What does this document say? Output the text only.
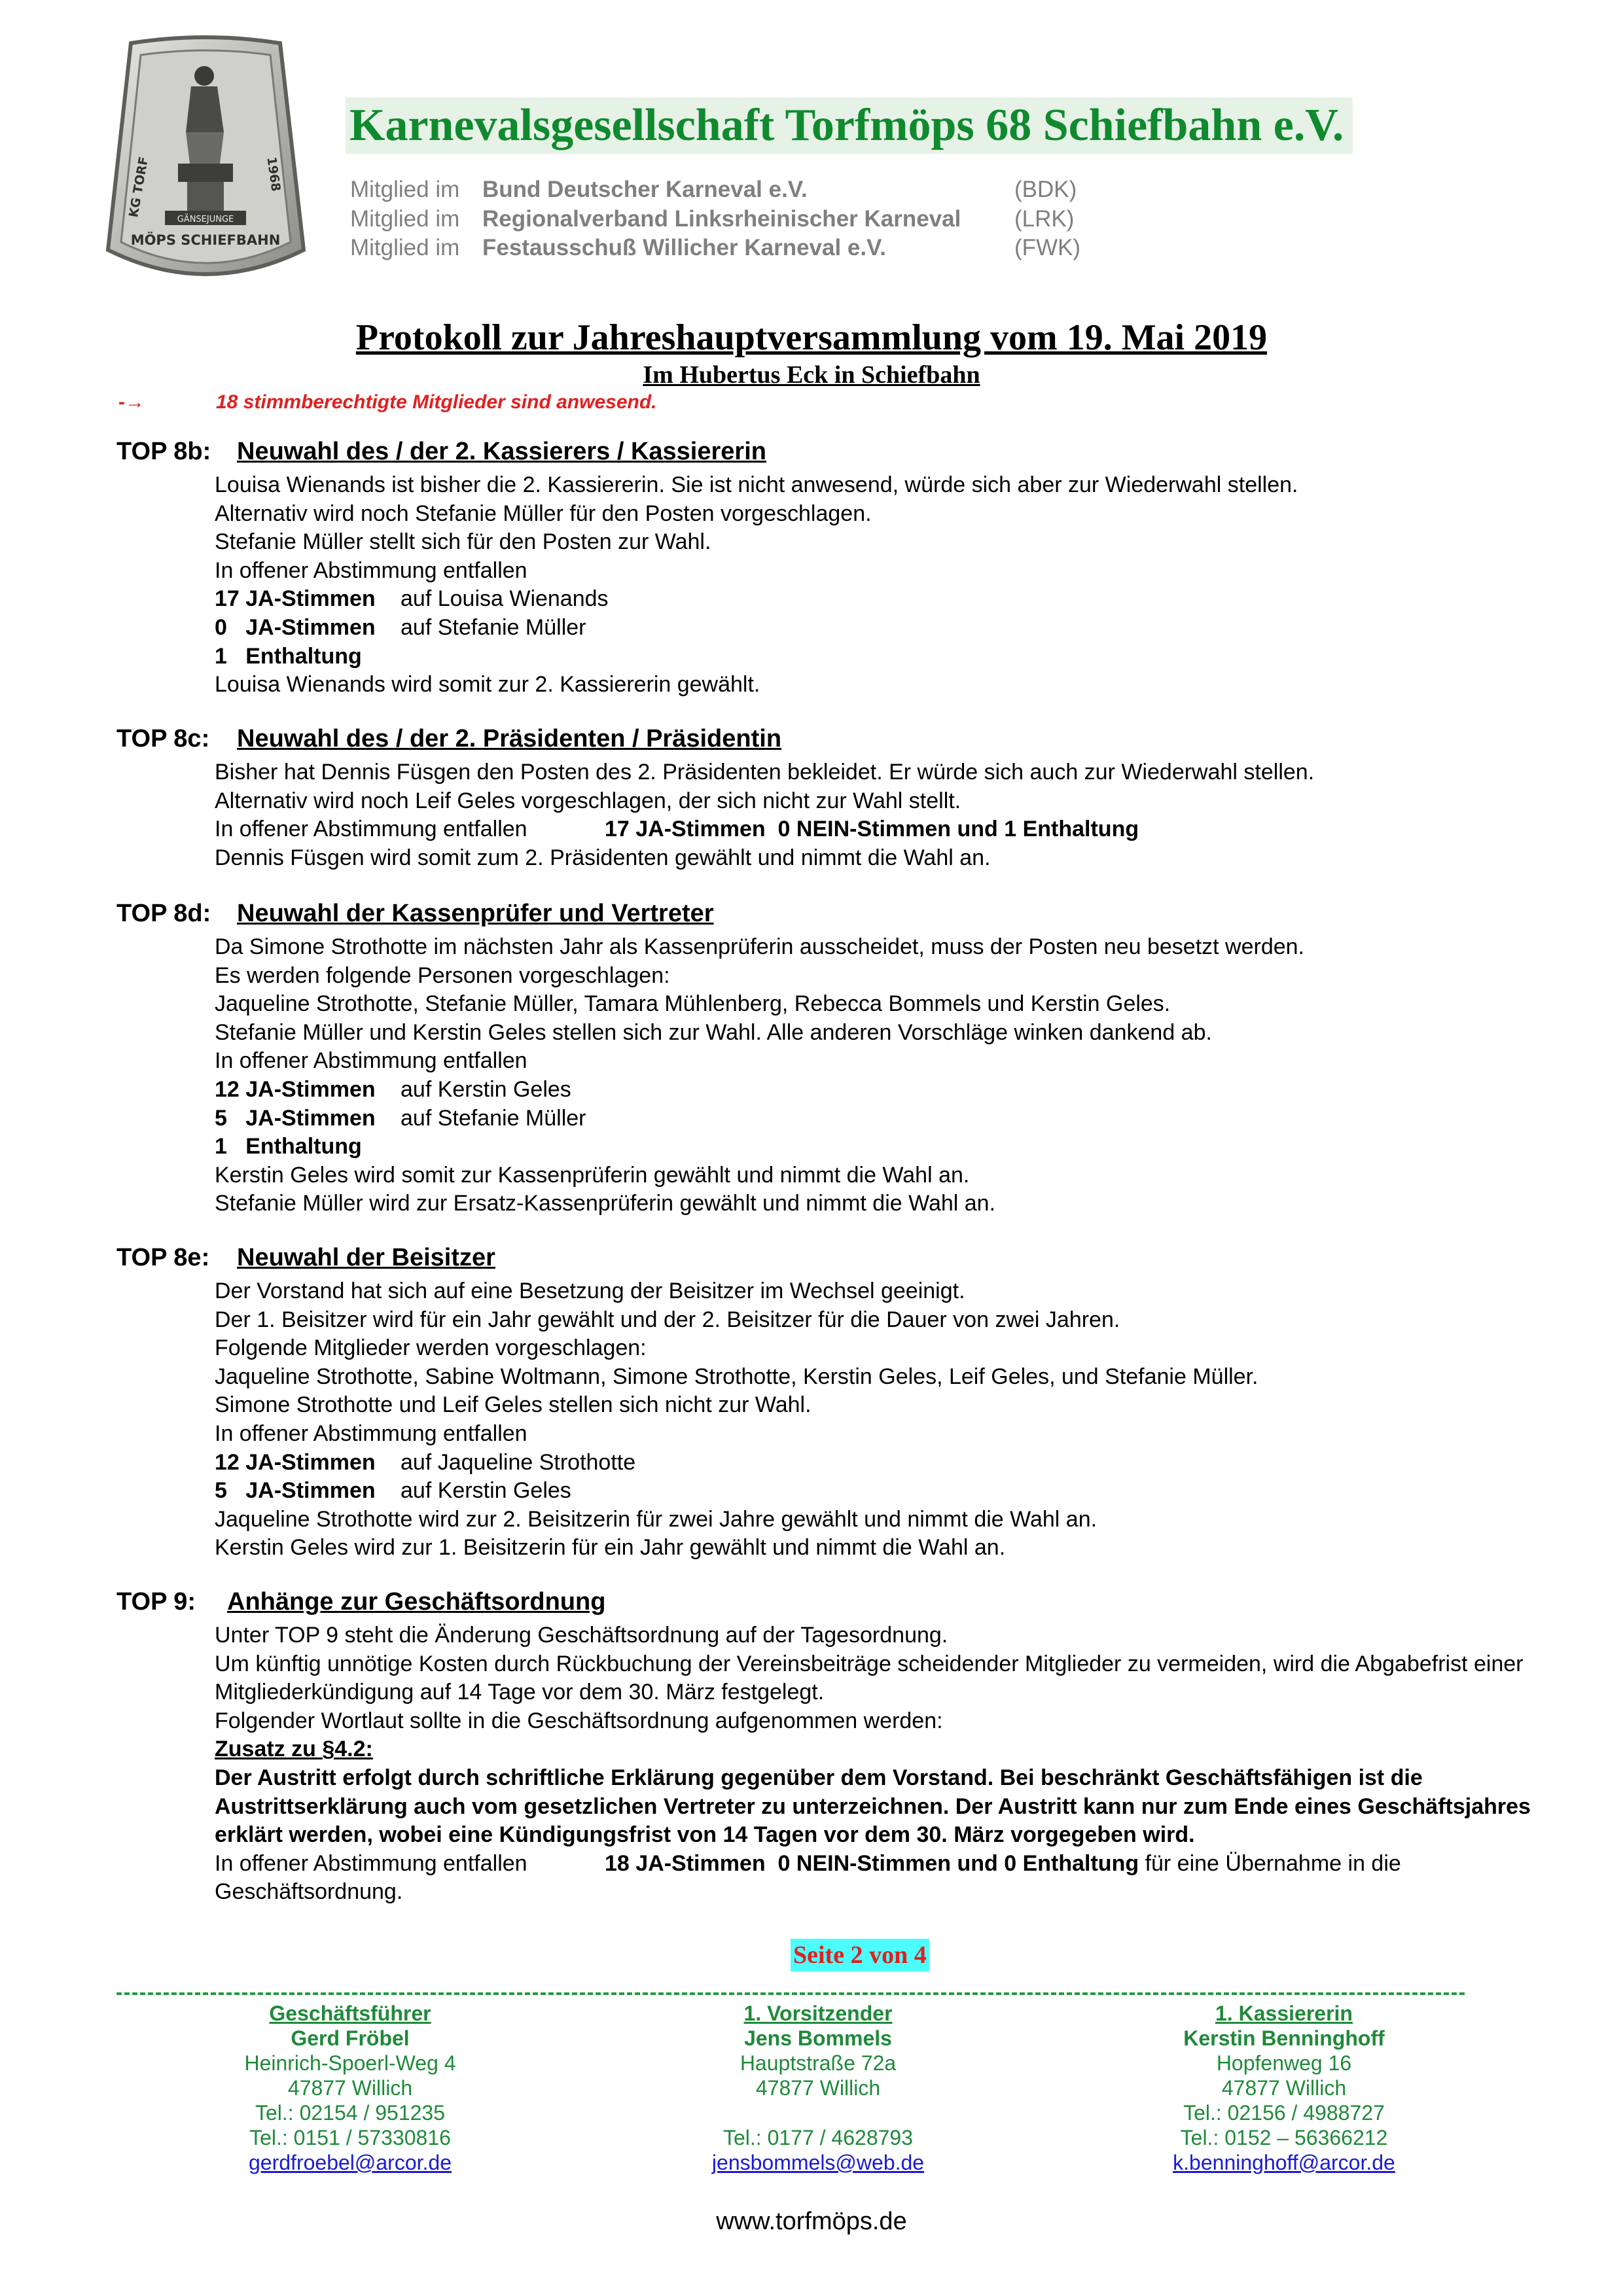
GÄNSEJUNGE
MÖPS SCHIEFBAHN
KG TORF	1968
Karnevalsgesellschaft Torfmöps 68 Schiefbahn e.V.
Mitglied im Bund Deutscher Karneval e.V.	(BDK)
Mitglied im Regionalverband Linksrheinischer Karneval (LRK)
Mitglied im Festausschuß Willicher Karneval e.V.	(FWK)
Protokoll zur Jahreshauptversammlung vom 19. Mai 2019
Im Hubertus Eck in Schiefbahn
-→	18 stimmberechtigte Mitglieder sind anwesend.
TOP 8b: Neuwahl des / der 2. Kassierers / Kassiererin
Louisa Wienands ist bisher die 2. Kassiererin. Sie ist nicht anwesend, würde sich aber zur Wiederwahl stellen.
Alternativ wird noch Stefanie Müller für den Posten vorgeschlagen.
Stefanie Müller stellt sich für den Posten zur Wahl.
In offener Abstimmung entfallen
17 JA-Stimmen auf Louisa Wienands
0   JA-Stimmen auf Stefanie Müller
1   Enthaltung
Louisa Wienands wird somit zur 2. Kassiererin gewählt.
TOP 8c: Neuwahl des / der 2. Präsidenten / Präsidentin
Bisher hat Dennis Füsgen den Posten des 2. Präsidenten bekleidet. Er würde sich auch zur Wiederwahl stellen.
Alternativ wird noch Leif Geles vorgeschlagen, der sich nicht zur Wahl stellt.
In offener Abstimmung entfallen	17 JA-Stimmen  0 NEIN-Stimmen und 1 Enthaltung
Dennis Füsgen wird somit zum 2. Präsidenten gewählt und nimmt die Wahl an.
TOP 8d: Neuwahl der Kassenprüfer und Vertreter
Da Simone Strothotte im nächsten Jahr als Kassenprüferin ausscheidet, muss der Posten neu besetzt werden.
Es werden folgende Personen vorgeschlagen:
Jaqueline Strothotte, Stefanie Müller, Tamara Mühlenberg, Rebecca Bommels und Kerstin Geles.
Stefanie Müller und Kerstin Geles stellen sich zur Wahl. Alle anderen Vorschläge winken dankend ab.
In offener Abstimmung entfallen
12 JA-Stimmen auf Kerstin Geles
5   JA-Stimmen auf Stefanie Müller
1   Enthaltung
Kerstin Geles wird somit zur Kassenprüferin gewählt und nimmt die Wahl an.
Stefanie Müller wird zur Ersatz-Kassenprüferin gewählt und nimmt die Wahl an.
TOP 8e: Neuwahl der Beisitzer
Der Vorstand hat sich auf eine Besetzung der Beisitzer im Wechsel geeinigt.
Der 1. Beisitzer wird für ein Jahr gewählt und der 2. Beisitzer für die Dauer von zwei Jahren.
Folgende Mitglieder werden vorgeschlagen:
Jaqueline Strothotte, Sabine Woltmann, Simone Strothotte, Kerstin Geles, Leif Geles, und Stefanie Müller.
Simone Strothotte und Leif Geles stellen sich nicht zur Wahl.
In offener Abstimmung entfallen
12 JA-Stimmen auf Jaqueline Strothotte
5   JA-Stimmen auf Kerstin Geles
Jaqueline Strothotte wird zur 2. Beisitzerin für zwei Jahre gewählt und nimmt die Wahl an.
Kerstin Geles wird zur 1. Beisitzerin für ein Jahr gewählt und nimmt die Wahl an.
TOP 9: Anhänge zur Geschäftsordnung
Unter TOP 9 steht die Änderung Geschäftsordnung auf der Tagesordnung.
Um künftig unnötige Kosten durch Rückbuchung der Vereinsbeiträge scheidender Mitglieder zu vermeiden, wird die Abgabefrist einer Mitgliederkündigung auf 14 Tage vor dem 30. März festgelegt.
Folgender Wortlaut sollte in die Geschäftsordnung aufgenommen werden:
Zusatz zu §4.2:
Der Austritt erfolgt durch schriftliche Erklärung gegenüber dem Vorstand. Bei beschränkt Geschäftsfähigen ist die Austrittserklärung auch vom gesetzlichen Vertreter zu unterzeichnen. Der Austritt kann nur zum Ende eines Geschäftsjahres erklärt werden, wobei eine Kündigungsfrist von 14 Tagen vor dem 30. März vorgegeben wird.
In offener Abstimmung entfallen	18 JA-Stimmen  0 NEIN-Stimmen und 0 Enthaltung für eine Übernahme in die Geschäftsordnung.
Seite 2 von 4
Geschäftsführer
Gerd Fröbel
Heinrich-Spoerl-Weg 4
47877 Willich
Tel.: 02154 / 951235
Tel.: 0151 / 57330816
gerdfroebel@arcor.de
1. Vorsitzender
Jens Bommels
Hauptstraße 72a
47877 Willich
Tel.: 0177 / 4628793
jensbommels@web.de
1. Kassiererin
Kerstin Benninghoff
Hopfenweg 16
47877 Willich
Tel.: 02156 / 4988727
Tel.: 0152 – 56366212
k.benninghoff@arcor.de
www.torfmöps.de
